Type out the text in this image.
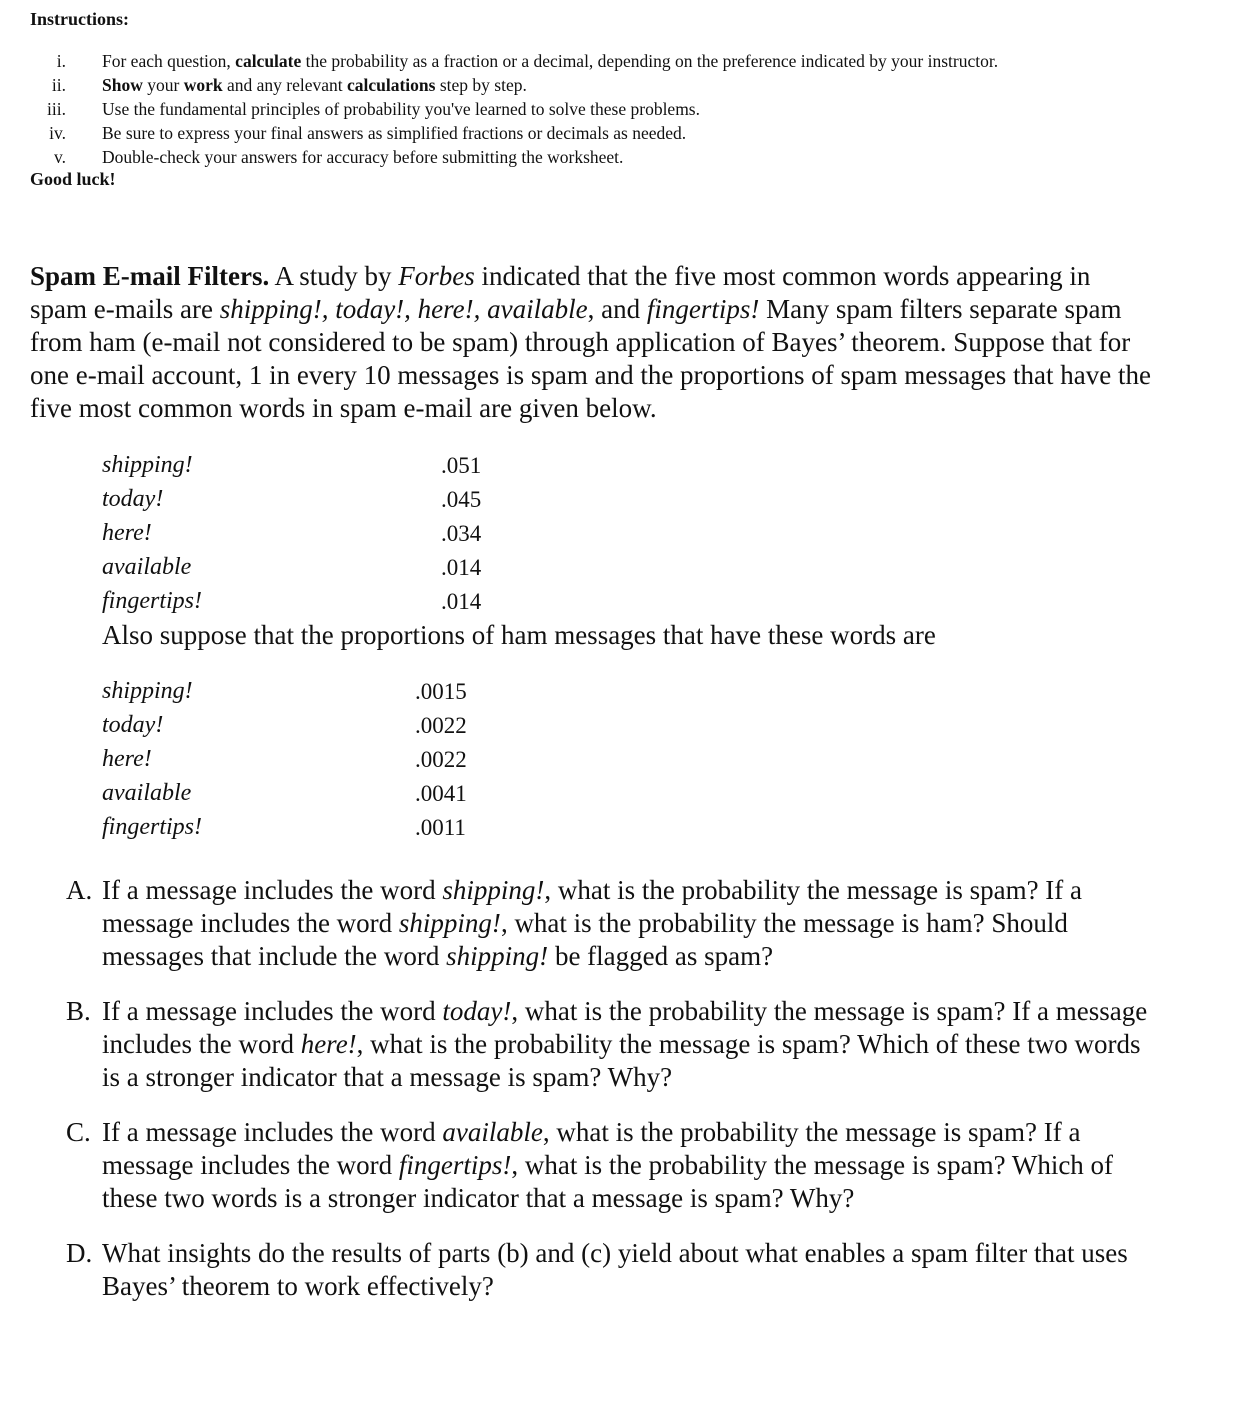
Instructions:
i. For each question, calculate the probability as a fraction or a decimal, depending on the preference indicated by your instructor.
ii. Show your work and any relevant calculations step by step.
iii. Use the fundamental principles of probability you've learned to solve these problems.
iv. Be sure to express your final answers as simplified fractions or decimals as needed.
v. Double-check your answers for accuracy before submitting the worksheet.
Good luck!
Spam E-mail Filters. A study by Forbes indicated that the five most common words appearing in
spam e-mails are shipping!, today!, here!, available, and fingertips! Many spam filters separate spam
from ham (e-mail not considered to be spam) through application of Bayes’ theorem. Suppose that for
one e-mail account, 1 in every 10 messages is spam and the proportions of spam messages that have the
five most common words in spam e-mail are given below.
shipping!	.051
today!	.045
here!	.034
available	.014
fingertips!	.014
Also suppose that the proportions of ham messages that have these words are
shipping!	.0015
today!	.0022
here!	.0022
available	.0041
fingertips!	.0011
A. If a message includes the word shipping!, what is the probability the message is spam? If a
message includes the word shipping!, what is the probability the message is ham? Should
messages that include the word shipping! be flagged as spam?
B. If a message includes the word today!, what is the probability the message is spam? If a message
includes the word here!, what is the probability the message is spam? Which of these two words
is a stronger indicator that a message is spam? Why?
C. If a message includes the word available, what is the probability the message is spam? If a
message includes the word fingertips!, what is the probability the message is spam? Which of
these two words is a stronger indicator that a message is spam? Why?
D. What insights do the results of parts (b) and (c) yield about what enables a spam filter that uses
Bayes’ theorem to work effectively?
